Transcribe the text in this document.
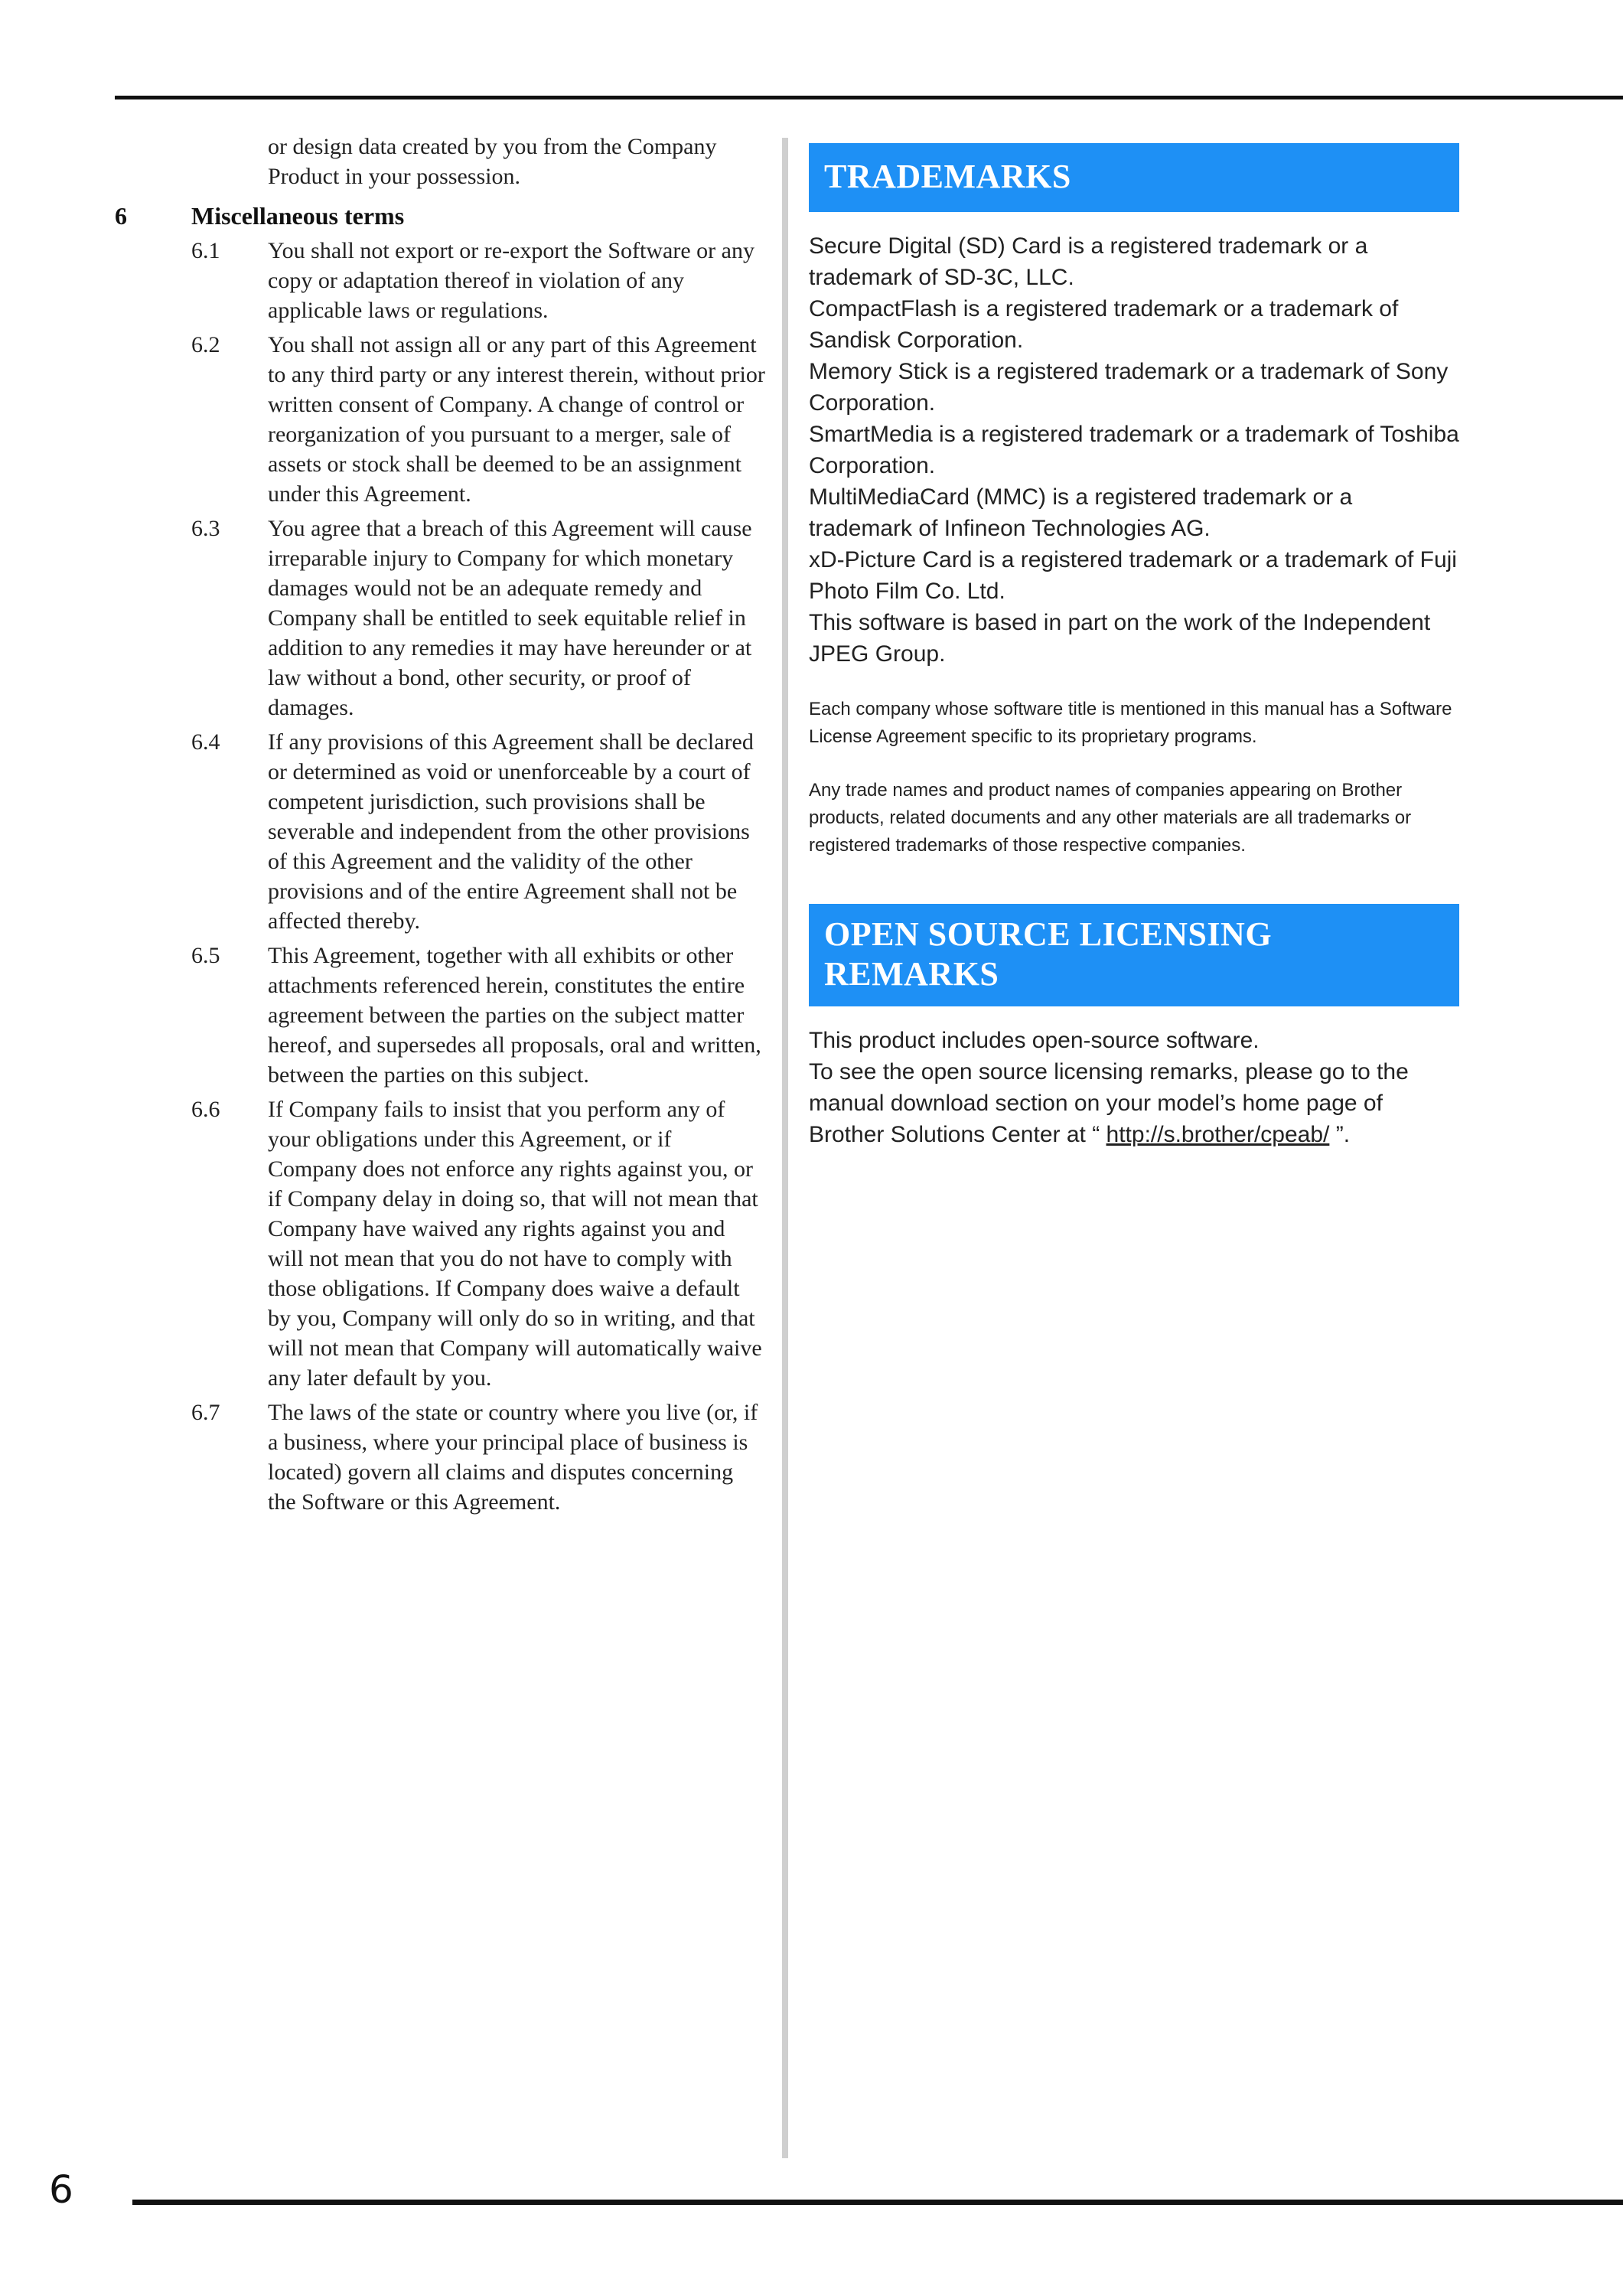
or design data created by you from the Company Product in your possession.

6	Miscellaneous terms
6.1	You shall not export or re-export the Software or any copy or adaptation thereof in violation of any applicable laws or regulations.
6.2	You shall not assign all or any part of this Agreement to any third party or any interest therein, without prior written consent of Company. A change of control or reorganization of you pursuant to a merger, sale of assets or stock shall be deemed to be an assignment under this Agreement.
6.3	You agree that a breach of this Agreement will cause irreparable injury to Company for which monetary damages would not be an adequate remedy and Company shall be entitled to seek equitable relief in addition to any remedies it may have hereunder or at law without a bond, other security, or proof of damages.
6.4	If any provisions of this Agreement shall be declared or determined as void or unenforceable by a court of competent jurisdiction, such provisions shall be severable and independent from the other provisions of this Agreement and the validity of the other provisions and of the entire Agreement shall not be affected thereby.
6.5	This Agreement, together with all exhibits or other attachments referenced herein, constitutes the entire agreement between the parties on the subject matter hereof, and supersedes all proposals, oral and written, between the parties on this subject.
6.6	If Company fails to insist that you perform any of your obligations under this Agreement, or if Company does not enforce any rights against you, or if Company delay in doing so, that will not mean that Company have waived any rights against you and will not mean that you do not have to comply with those obligations. If Company does waive a default by you, Company will only do so in writing, and that will not mean that Company will automatically waive any later default by you.
6.7	The laws of the state or country where you live (or, if a business, where your principal place of business is located) govern all claims and disputes concerning the Software or this Agreement.
TRADEMARKS
Secure Digital (SD) Card is a registered trademark or a trademark of SD-3C, LLC.
CompactFlash is a registered trademark or a trademark of Sandisk Corporation.
Memory Stick is a registered trademark or a trademark of Sony Corporation.
SmartMedia is a registered trademark or a trademark of Toshiba Corporation.
MultiMediaCard (MMC) is a registered trademark or a trademark of Infineon Technologies AG.
xD-Picture Card is a registered trademark or a trademark of Fuji Photo Film Co. Ltd.
This software is based in part on the work of the Independent JPEG Group.
Each company whose software title is mentioned in this manual has a Software License Agreement specific to its proprietary programs.
Any trade names and product names of companies appearing on Brother products, related documents and any other materials are all trademarks or registered trademarks of those respective companies.
OPEN SOURCE LICENSING REMARKS
This product includes open-source software.
To see the open source licensing remarks, please go to the manual download section on your model’s home page of Brother Solutions Center at “ http://s.brother/cpeab/ ”.
6
